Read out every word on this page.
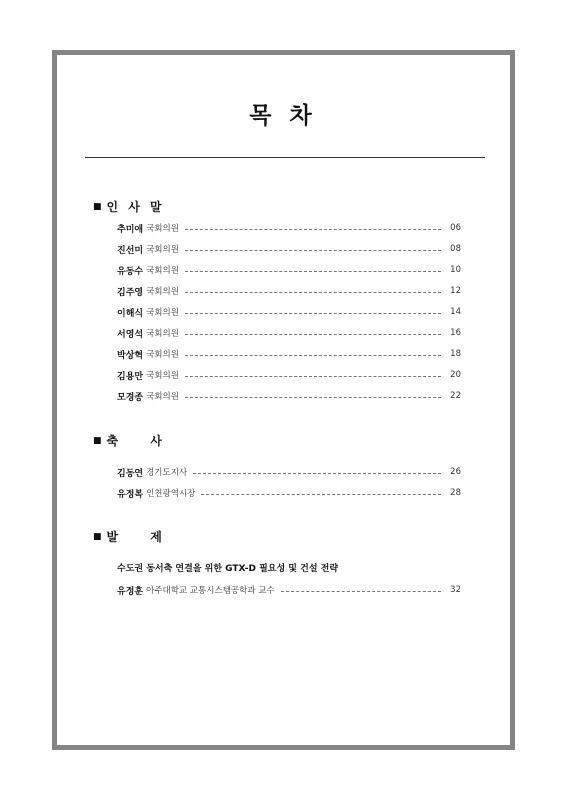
목 차
■ 인 사 말
추미애 국회의원	06
진선미 국회의원	08
유동수 국회의원	10
김주영 국회의원	12
이해식 국회의원	14
서영석 국회의원	16
박상혁 국회의원	18
김용만 국회의원	20
모경종 국회의원	22
■ 축 사
김동연 경기도지사	26
유정복 인천광역시장	28
■ 발 제
수도권 동서축 연결을 위한 GTX-D 필요성 및 건설 전략
유정훈 아주대학교 교통시스템공학과 교수	32
